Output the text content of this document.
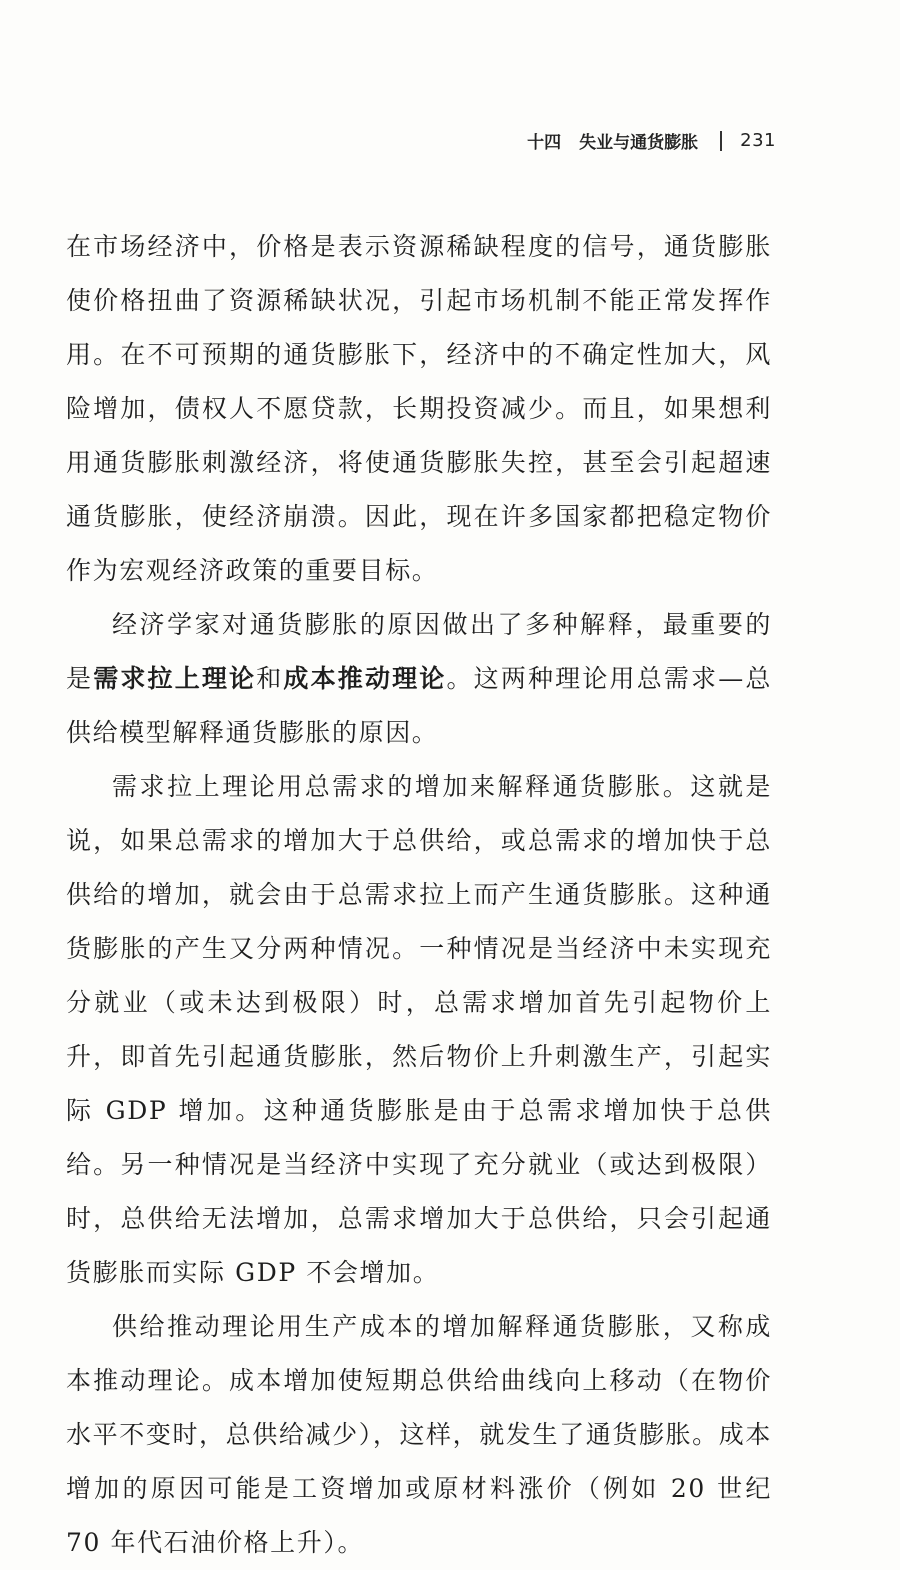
十四 失业与通货膨胀 231

在市场经济中，价格是表示资源稀缺程度的信号，通货膨胀使价格扭曲了资源稀缺状况，引起市场机制不能正常发挥作用。在不可预期的通货膨胀下，经济中的不确定性加大，风险增加，债权人不愿贷款，长期投资减少。而且，如果想利用通货膨胀刺激经济，将使通货膨胀失控，甚至会引起超速通货膨胀，使经济崩溃。因此，现在许多国家都把稳定物价作为宏观经济政策的重要目标。

经济学家对通货膨胀的原因做出了多种解释，最重要的是需求拉上理论和成本推动理论。这两种理论用总需求—总供给模型解释通货膨胀的原因。

需求拉上理论用总需求的增加来解释通货膨胀。这就是说，如果总需求的增加大于总供给，或总需求的增加快于总供给的增加，就会由于总需求拉上而产生通货膨胀。这种通货膨胀的产生又分两种情况。一种情况是当经济中未实现充分就业（或未达到极限）时，总需求增加首先引起物价上升，即首先引起通货膨胀，然后物价上升刺激生产，引起实际 GDP 增加。这种通货膨胀是由于总需求增加快于总供给。另一种情况是当经济中实现了充分就业（或达到极限）时，总供给无法增加，总需求增加大于总供给，只会引起通货膨胀而实际 GDP 不会增加。

供给推动理论用生产成本的增加解释通货膨胀，又称成本推动理论。成本增加使短期总供给曲线向上移动（在物价水平不变时，总供给减少），这样，就发生了通货膨胀。成本增加的原因可能是工资增加或原材料涨价（例如 20 世纪 70 年代石油价格上升）。
